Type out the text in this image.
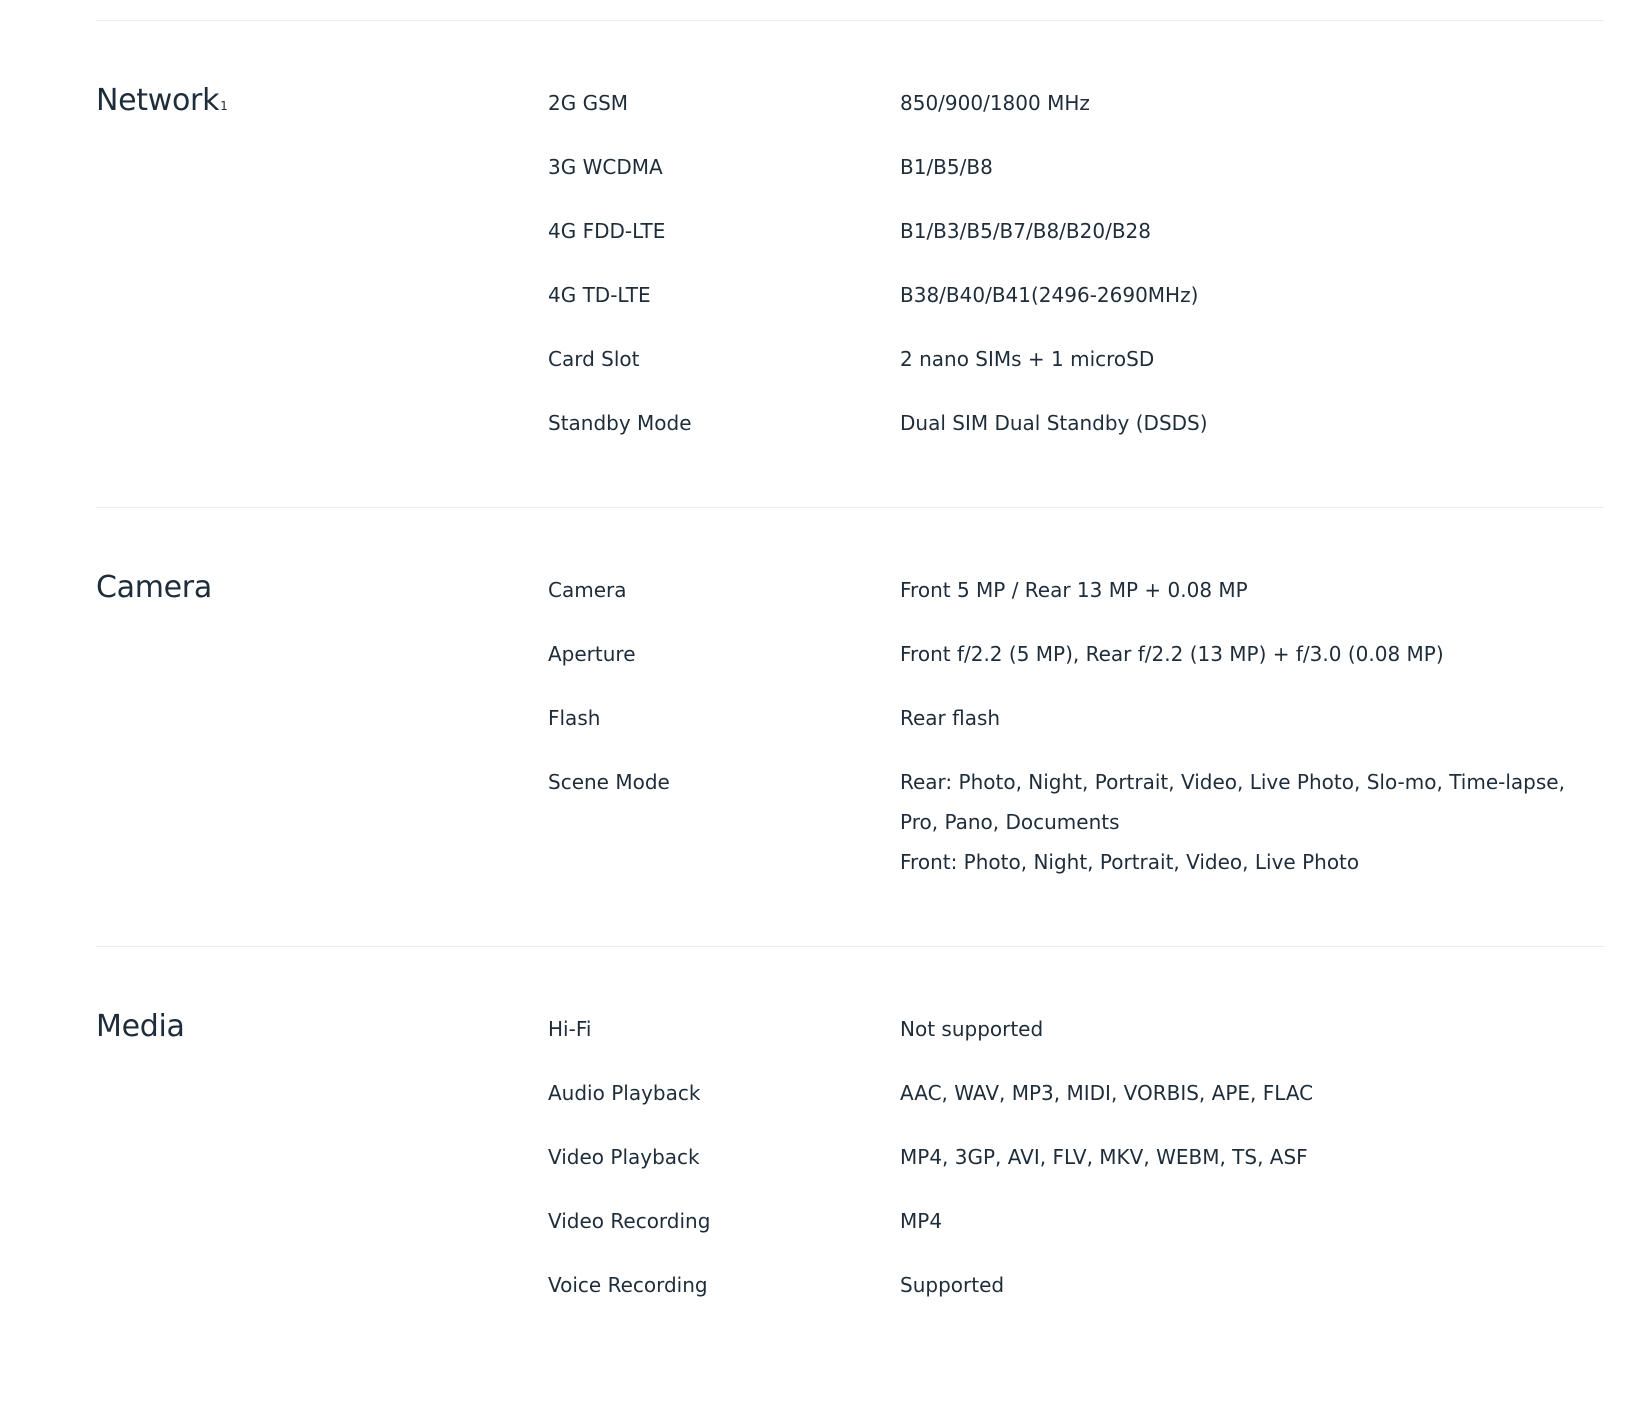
Network1	2G GSM	850/900/1800 MHz
3G WCDMA	B1/B5/B8
4G FDD-LTE	B1/B3/B5/B7/B8/B20/B28
4G TD-LTE	B38/B40/B41(2496-2690MHz)
Card Slot	2 nano SIMs + 1 microSD
Standby Mode	Dual SIM Dual Standby (DSDS)
Camera	Camera	Front 5 MP / Rear 13 MP + 0.08 MP
Aperture	Front f/2.2 (5 MP), Rear f/2.2 (13 MP) + f/3.0 (0.08 MP)
Flash	Rear flash
Scene Mode	Rear: Photo, Night, Portrait, Video, Live Photo, Slo-mo, Time-lapse, Pro, Pano, Documents
Front: Photo, Night, Portrait, Video, Live Photo
Media	Hi-Fi	Not supported
Audio Playback	AAC, WAV, MP3, MIDI, VORBIS, APE, FLAC
Video Playback	MP4, 3GP, AVI, FLV, MKV, WEBM, TS, ASF
Video Recording	MP4
Voice Recording	Supported
